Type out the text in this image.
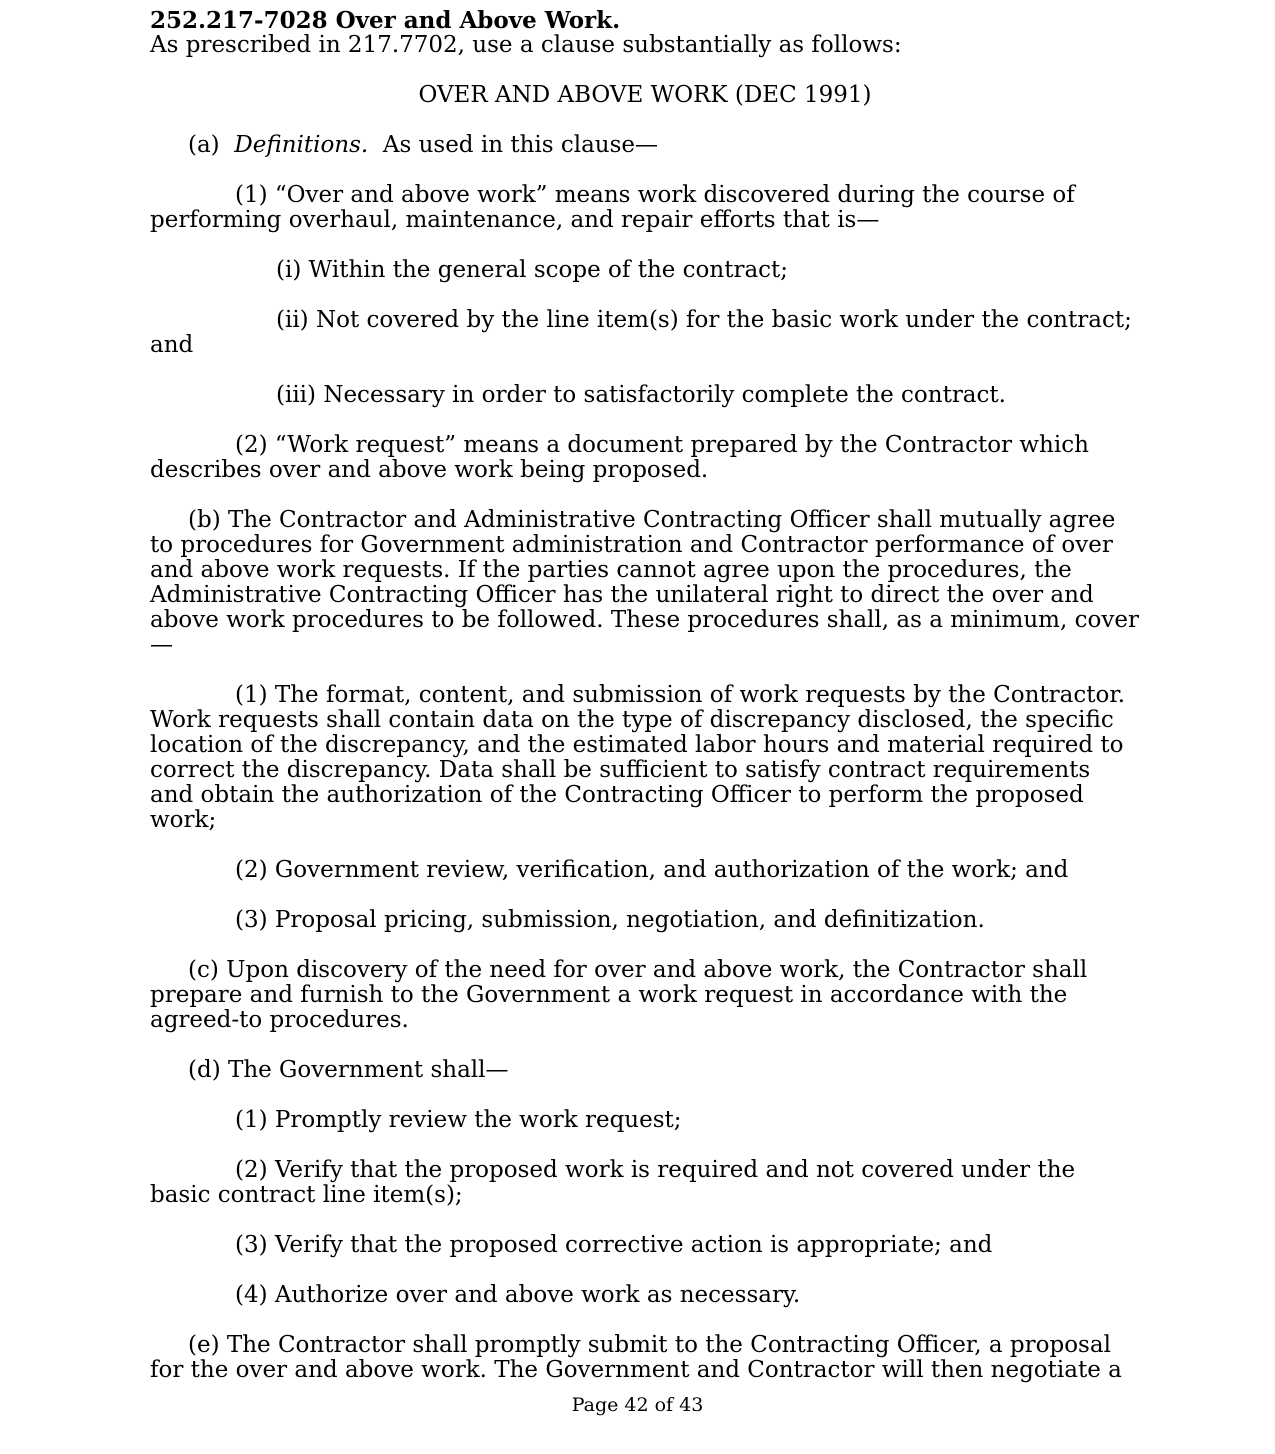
252.217-7028 Over and Above Work.
As prescribed in 217.7702, use a clause substantially as follows:
OVER AND ABOVE WORK (DEC 1991)
(a) Definitions. As used in this clause—

(1) “Over and above work” means work discovered during the course of performing overhaul, maintenance, and repair efforts that is—

(i) Within the general scope of the contract;
(ii) Not covered by the line item(s) for the basic work under the contract;
and
(iii) Necessary in order to satisfactorily complete the contract.

(2) “Work request” means a document prepared by the Contractor which describes over and above work being proposed.

(b) The Contractor and Administrative Contracting Officer shall mutually agree to procedures for Government administration and Contractor performance of over and above work requests. If the parties cannot agree upon the procedures, the Administrative Contracting Officer has the unilateral right to direct the over and above work procedures to be followed. These procedures shall, as a minimum, cover—

(1) The format, content, and submission of work requests by the Contractor. Work requests shall contain data on the type of discrepancy disclosed, the specific location of the discrepancy, and the estimated labor hours and material required to correct the discrepancy. Data shall be sufficient to satisfy contract requirements and obtain the authorization of the Contracting Officer to perform the proposed work;

(2) Government review, verification, and authorization of the work; and
(3) Proposal pricing, submission, negotiation, and definitization.

(c) Upon discovery of the need for over and above work, the Contractor shall prepare and furnish to the Government a work request in accordance with the agreed-to procedures.

(d) The Government shall—
(1) Promptly review the work request;

(2) Verify that the proposed work is required and not covered under the basic contract line item(s);

(3) Verify that the proposed corrective action is appropriate; and
(4) Authorize over and above work as necessary.

(e) The Contractor shall promptly submit to the Contracting Officer, a proposal for the over and above work. The Government and Contractor will then negotiate a

Page 42 of 43
